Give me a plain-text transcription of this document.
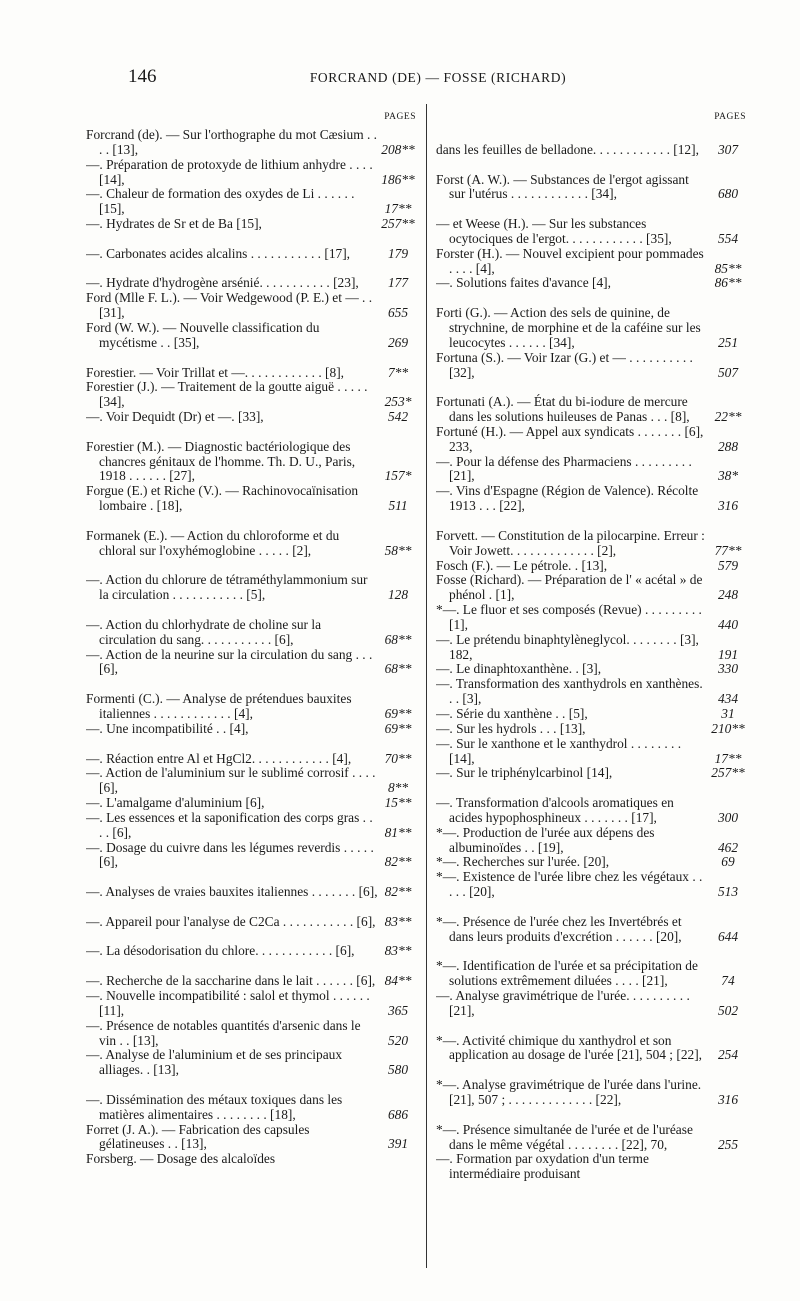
146	FORCRAND (DE) — FOSSE (RICHARD)
PAGES
Forcrand (de). — Sur l'orthographe du mot Cæsium . . . . [13],	208**
—. Préparation de protoxyde de lithium anhydre . . . . [14],	186**
—. Chaleur de formation des oxydes de Li . . . . . . [15],	17**
—. Hydrates de Sr et de Ba [15],	257**
—. Carbonates acides alcalins . . . . . . . . . . . [17],	179
—. Hydrate d'hydrogène arsénié. . . . . . . . . . . [23],	177
Ford (Mlle F. L.). — Voir Wedgewood (P. E.) et — . . [31],	655
Ford (W. W.). — Nouvelle classification du mycétisme . . [35],	269
Forestier. — Voir Trillat et —. . . . . . . . . . . . [8],	7**
Forestier (J.). — Traitement de la goutte aiguë . . . . . [34],	253*
—. Voir Dequidt (Dr) et —. [33],	542
Forestier (M.). — Diagnostic bactériologique des chancres génitaux de l'homme. Th. D. U., Paris, 1918 . . . . . . [27],	157*
Forgue (E.) et Riche (V.). — Rachinovocaïnisation lombaire . [18],	511
Formanek (E.). — Action du chloroforme et du chloral sur l'oxyhémoglobine . . . . . [2],	58**
—. Action du chlorure de tétraméthylammonium sur la circulation . . . . . . . . . . . [5],	128
—. Action du chlorhydrate de choline sur la circulation du sang. . . . . . . . . . . [6],	68**
—. Action de la neurine sur la circulation du sang . . . [6],	68**
Formenti (C.). — Analyse de prétendues bauxites italiennes . . . . . . . . . . . . [4],	69**
—. Une incompatibilité . . [4],	69**
—. Réaction entre Al et HgCl2. . . . . . . . . . . . [4],	70**
—. Action de l'aluminium sur le sublimé corrosif . . . . [6],	8**
—. L'amalgame d'aluminium [6],	15**
—. Les essences et la saponification des corps gras . . . . [6],	81**
—. Dosage du cuivre dans les légumes reverdis . . . . . [6],	82**
—. Analyses de vraies bauxites italiennes . . . . . . . [6], 82**
—. Appareil pour l'analyse de C2Ca . . . . . . . . . . . [6], 83**
—. La désodorisation du chlore. . . . . . . . . . . . [6],	83**
—. Recherche de la saccharine dans le lait . . . . . . [6], 84**
—. Nouvelle incompatibilité : salol et thymol . . . . . . [11],	365
—. Présence de notables quantités d'arsenic dans le vin . . [13],	520
—. Analyse de l'aluminium et de ses principaux alliages. . [13],	580
—. Dissémination des métaux toxiques dans les matières alimentaires . . . . . . . . [18],	686
Forret (J. A.). — Fabrication des capsules gélatineuses . . [13],	391
Forsberg. — Dosage des alcaloïdes
PAGES
dans les feuilles de belladone. . . . . . . . . . . . [12],	307
Forst (A. W.). — Substances de l'ergot agissant sur l'utérus . . . . . . . . . . . . [34],	680
— et Weese (H.). — Sur les substances ocytociques de l'ergot. . . . . . . . . . . . [35],	554
Forster (H.). — Nouvel excipient pour pommades . . . . [4],	85**
—. Solutions faites d'avance [4],	86**
Forti (G.). — Action des sels de quinine, de strychnine, de morphine et de la caféine sur les leucocytes . . . . . . [34],	251
Fortuna (S.). — Voir Izar (G.) et — . . . . . . . . . . [32],	507
Fortunati (A.). — État du bi-iodure de mercure dans les solutions huileuses de Panas . . . [8],	22**
Fortuné (H.). — Appel aux syndicats . . . . . . . [6], 233,	288
—. Pour la défense des Pharmaciens . . . . . . . . . [21],	38*
—. Vins d'Espagne (Région de Valence). Récolte 1913 . . . [22],	316
Forvett. — Constitution de la pilocarpine. Erreur : Voir Jowett. . . . . . . . . . . . . [2],	77**
Fosch (F.). — Le pétrole. . [13],	579
Fosse (Richard). — Préparation de l' « acétal » de phénol . [1],	248
*—. Le fluor et ses composés (Revue) . . . . . . . . . [1],	440
—. Le prétendu binaphtylèneglycol. . . . . . . . [3], 182,	191
—. Le dinaphtoxanthène. . [3],	330
—. Transformation des xanthydrols en xanthènes. . . [3],	434
—. Série du xanthène . . [5],	31
—. Sur les hydrols . . . [13],	210**
—. Sur le xanthone et le xanthydrol . . . . . . . . [14],	17**
—. Sur le triphénylcarbinol [14],	257**
—. Transformation d'alcools aromatiques en acides hypophosphineux . . . . . . . [17],	300
*—. Production de l'urée aux dépens des albuminoïdes . . [19],	462
*—. Recherches sur l'urée. [20],	69
*—. Existence de l'urée libre chez les végétaux . . . . . [20],	513
*—. Présence de l'urée chez les Invertébrés et dans leurs produits d'excrétion . . . . . . [20],	644
*—. Identification de l'urée et sa précipitation de solutions extrêmement diluées . . . . [21],	74
—. Analyse gravimétrique de l'urée. . . . . . . . . . [21],	502
*—. Activité chimique du xanthydrol et son application au dosage de l'urée [21], 504 ; [22],	254
*—. Analyse gravimétrique de l'urée dans l'urine. [21], 507 ; . . . . . . . . . . . . . [22],	316
*—. Présence simultanée de l'urée et de l'uréase dans le même végétal . . . . . . . . [22], 70,	255
—. Formation par oxydation d'un terme intermédiaire produisant
